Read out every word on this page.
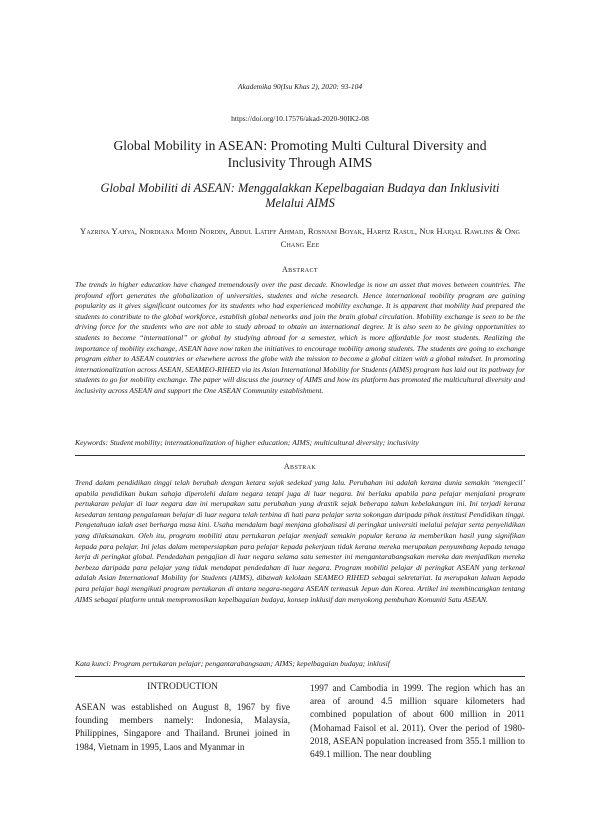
Akademika 90(Isu Khas 2), 2020: 93-104
https://doi.org/10.17576/akad-2020-90IK2-08
Global Mobility in ASEAN: Promoting Multi Cultural Diversity and Inclusivity Through AIMS
Global Mobiliti di ASEAN: Menggalakkan Kepelbagaian Budaya dan Inklusiviti Melalui AIMS
Yazrina Yahya, Nordiana Mohd Nordin, Abdul Latiff Ahmad, Rosnani Boyak, Harfiz Rasul, Nur Haiqal Rawlins & Ong Chang Eee
Abstract
The trends in higher education have changed tremendously over the past decade. Knowledge is now an asset that moves between countries. The profound effort generates the globalization of universities, students and niche research. Hence international mobility program are gaining popularity as it gives significant outcomes for its students who had experienced mobility exchange. It is apparent that mobility had prepared the students to contribute to the global workforce, establish global networks and join the brain global circulation. Mobility exchange is seen to be the driving force for the students who are not able to study abroad to obtain an international degree. It is also seen to be giving opportunities to students to become “international” or global by studying abroad for a semester, which is more affordable for most students. Realizing the importance of mobility exchange, ASEAN have now taken the initiatives to encourage mobility among students. The students are going to exchange program either to ASEAN countries or elsewhere across the globe with the mission to become a global citizen with a global mindset. In promoting internationalization across ASEAN, SEAMEO-RIHED via its Asian International Mobility for Students (AIMS) program has laid out its pathway for students to go for mobility exchange. The paper will discuss the journey of AIMS and how its platform has promoted the multicultural diversity and inclusivity across ASEAN and support the One ASEAN Community establishment.
Keywords: Student mobility; internationalization of higher education; AIMS; multicultural diversity; inclusivity
Abstrak
Trend dalam pendidikan tinggi telah berubah dengan ketara sejak sedekad yang lalu. Perubahan ini adalah kerana dunia semakin ‘mengecil’ apabila pendidikan bukan sahaja diperolehi dalam negara tetapi juga di luar negara. Ini berlaku apabila para pelajar menjalani program pertukaran pelajar di luar negara dan ini merupakan satu perubahan yang drastik sejak beberapa tahun kebelakangan ini. Ini terjadi kerana kesedaran tentang pengalaman belajar di luar negara telah terbina di hati para pelajar serta sokongan daripada pihak institusi Pendidikan tinggi. Pengetahuan ialah aset berharga masa kini. Usaha mendalam bagi menjana globalisasi di peringkat universiti melalui pelajar serta penyelidikan yang dilaksanakan. Oleh itu, program mobiliti atau pertukaran pelajar menjadi semakin popular kerana ia memberikan hasil yang signifikan kepada para pelajar. Ini jelas dalam mempersiapkan para pelajar kepada pekerjaan tidak kerana mereka merupakan penyumbang kepada tenaga kerja di peringkat global. Pendedahan pengajian di luar negara selama satu semester ini mengantarabangsakan mereka dan menjadikan mereka berbeza daripada para pelajar yang tidak mendapat pendedahan di luar negara. Program mobiliti pelajar di peringkat ASEAN yang terkenal adalah Asian International Mobility for Students (AIMS), dibawah kelolaan SEAMEO RIHED sebagai sekretariat. Ia merupakan laluan kepada para pelajar bagi mengikuti program pertukaran di antara negara-negara ASEAN termasuk Jepun dan Korea. Artikel ini membincangkan tentang AIMS sebagai platform untuk mempromosikan kepelbagaian budaya, konsep inklusif dan menyokong pembuhan Komuniti Satu ASEAN.
Kata kunci: Program pertukaran pelajar; pengantarabangsaan; AIMS; kepelbagaian budaya; inklusif
INTRODUCTION
ASEAN was established on August 8, 1967 by five founding members namely: Indonesia, Malaysia, Philippines, Singapore and Thailand. Brunei joined in 1984, Vietnam in 1995, Laos and Myanmar in
1997 and Cambodia in 1999. The region which has an area of around 4.5 million square kilometers had combined population of about 600 million in 2011 (Mohamad Faisol et al. 2011). Over the period of 1980-2018, ASEAN population increased from 355.1 million to 649.1 million. The near doubling
